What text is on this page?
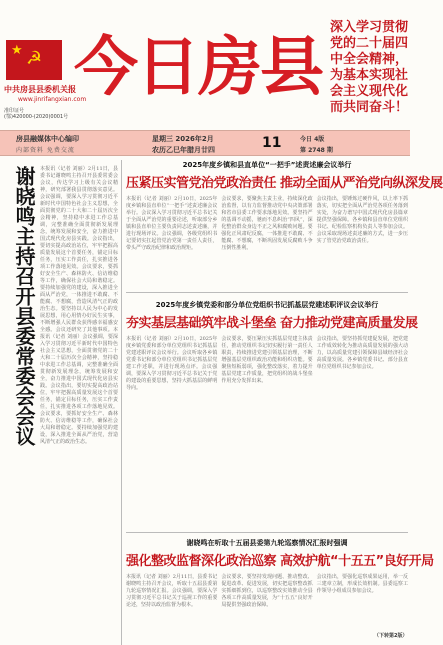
★ ☭
中共房县县委机关报
www.jinrifangxian.com
准印证号
(鄂)420000-(2020)0001号
今日房县
深入学习贯彻党的二十届四中全会精神，为基本实现社会主义现代化而共同奋斗！
房县融媒体中心编印
内部资料 免费交流
星期三 2026年2月
农历乙巳年腊月廿四	11	今日 4版
第 2748 期
谢晓鸣主持召开县委常委会会议 本报讯（记者 刘丽）2月11日，县委书记谢晓鸣主持召开县委常委会会议，传达学习上级有关会议精神，研究部署我县贯彻落实意见。会议强调，要深入学习贯彻习近平新时代中国特色社会主义思想，全面贯彻党的二十大和二十届历次全会精神，坚持稳中求进工作总基调，完整准确全面贯彻新发展理念，统筹发展和安全，奋力推进中国式现代化房县实践。会议指出，要切实提高政治站位，牢牢把握高质量发展这个首要任务，锚定目标任务，压实工作责任，扎实推进各项工作落地见效。会议要求，要抓好安全生产、森林防火、信访维稳等工作，确保社会大局和谐稳定。要持续加强党的建设，深入推进全面从严治党，一体推进不敢腐、不能腐、不想腐，营造风清气正的政治生态。要坚持以人民为中心的发展思想，用心用情办好民生实事，不断增强人民群众获得感幸福感安全感。会议还研究了其他事项。本报讯（记者 刘丽）会议强调，要深入学习贯彻习近平新时代中国特色社会主义思想，全面贯彻党的二十大和二十届历次全会精神，坚持稳中求进工作总基调，完整准确全面贯彻新发展理念，统筹发展和安全，奋力推进中国式现代化房县实践。会议指出，要切实提高政治站位，牢牢把握高质量发展这个首要任务，锚定目标任务，压实工作责任，扎实推进各项工作落地见效。会议要求，要抓好安全生产、森林防火、信访维稳等工作，确保社会大局和谐稳定。要持续加强党的建设，深入推进全面从严治党，营造风清气正的政治生态。
2025年度乡镇和县直单位“一把手”述责述廉会议举行
压紧压实管党治党政治责任 推动全面从严治党向纵深发展
本报讯（记者 刘丽）2月10日，2025年度乡镇和县直单位“一把手”述责述廉会议举行。会议深入学习贯彻习近平总书记关于全面从严治党的重要论述，听取部分乡镇和县直单位主要负责同志述责述廉，并进行现场评议。会议强调，各级党组织书记要切实扛起管党治党第一责任人责任，带头严守政治纪律和政治规矩。
会议要求，要聚焦主责主业，持续深化政治监督，以有力监督推动党中央决策部署和省市县委工作要求落地见效。要坚持严的基调不动摇，驰而不息纠治“四风”，深化整治群众身边不正之风和腐败问题。要强化正风肃纪反腐，一体推进不敢腐、不能腐、不想腐，不断巩固发展反腐败斗争压倒性胜利。
会议指出，要锤炼过硬作风，以上率下抓落实，切实把全面从严治党各项任务落到实处，为奋力谱写中国式现代化房县篇章提供坚强保障。各乡镇和县直单位党组织书记、纪检监察机构负责人等参加会议。会议采取现场述责述廉的方式，进一步压实了管党治党政治责任。
2025年度乡镇党委和部分单位党组织书记抓基层党建述职评议会议举行
夯实基层基础筑牢战斗堡垒 奋力推动党建高质量发展
本报讯（记者 刘丽）2月10日，2025年度乡镇党委和部分单位党组织书记抓基层党建述职评议会议举行。会议听取各乡镇党委书记和部分单位党组织书记抓基层党建工作述职，并进行现场点评。会议强调，要深入学习贯彻习近平总书记关于党的建设的重要思想，坚持大抓基层的鲜明导向。
会议要求，要压紧压实抓基层党建主体责任，推动党组织书记切实履行第一责任人职责，持续推进党建引领基层治理，不断增强基层党组织政治功能和组织功能。要聚焦短板弱项，强化整改落实，着力提升基层党建工作质量，把党组织的战斗堡垒作用充分发挥出来。
会议指出，要坚持抓党建促发展，把党建工作成效转化为推动高质量发展的强大动力，以高质量党建引领保障县域经济社会高质量发展。各乡镇党委书记、部分县直单位党组织书记参加会议。
谢晓鸣在听取十五届县委第九轮巡察情况汇报时强调
强化整改监督深化政治巡察 高效护航“十五五”良好开局
本报讯（记者 刘丽）2月11日，县委书记谢晓鸣主持召开会议，听取十五届县委第九轮巡察情况汇报。会议强调，要深入学习贯彻习近平总书记关于巡视工作的重要论述，坚持以政治监督为根本。
会议要求，要坚持发现问题、推动整改、促进改革、促进发展，切实把巡察整改抓实抓细抓到位，以巡察整改实效推动全县各项工作高质量发展，为“十五五”良好开局提供坚强政治保障。
会议指出，要强化巡察成果运用，举一反三建章立制，形成长效机制。县委巡察工作领导小组成员参加会议。
（下转第2版）
